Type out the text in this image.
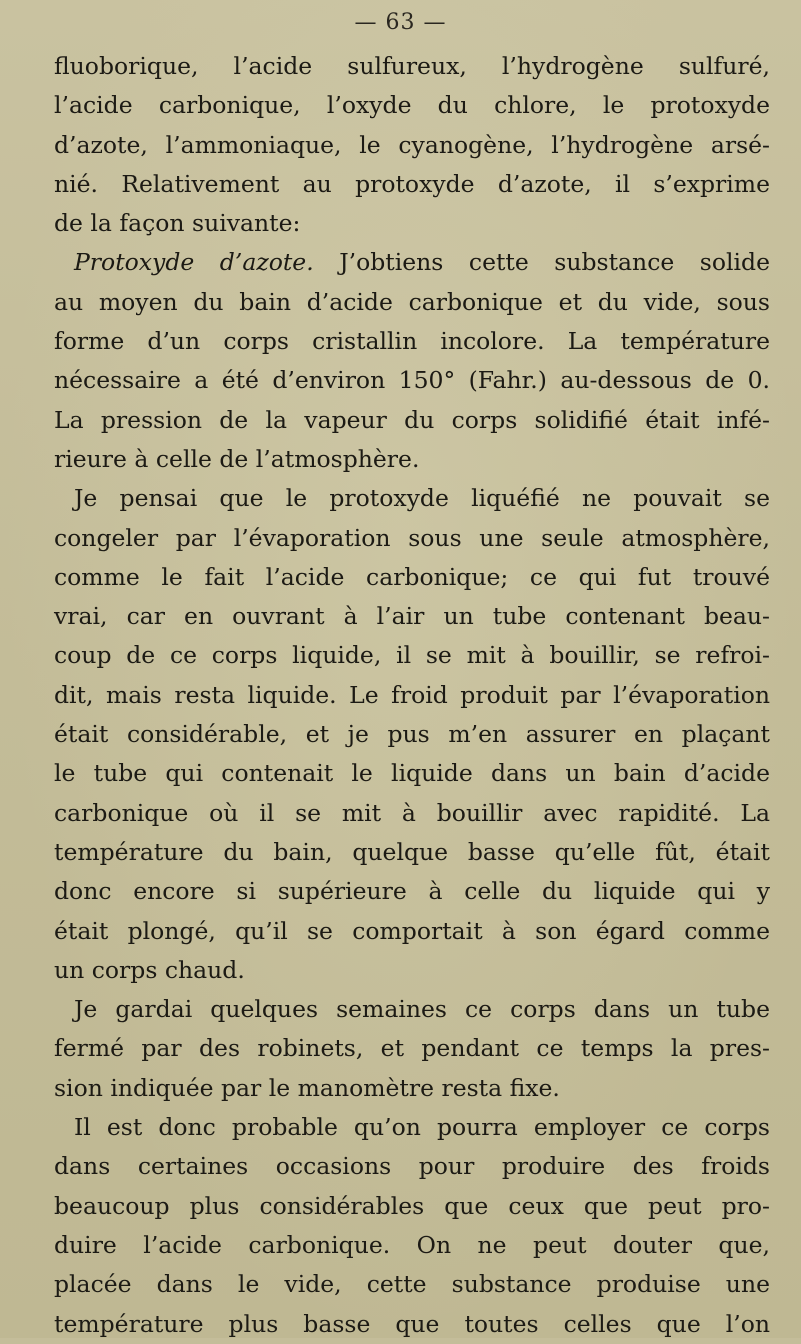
— 63 —
fluoborique, l’acide sulfureux, l’hydrogène sulfuré,
l’acide carbonique, l’oxyde du chlore, le protoxyde
d’azote, l’ammoniaque, le cyanogène, l’hydrogène arsé-
nié. Relativement au protoxyde d’azote, il s’exprime
de la façon suivante:
Protoxyde d’azote. J’obtiens cette substance solide
au moyen du bain d’acide carbonique et du vide, sous
forme d’un corps cristallin incolore. La température
nécessaire a été d’environ 150° (Fahr.) au-dessous de 0.
La pression de la vapeur du corps solidifié était infé-
rieure à celle de l’atmosphère.
Je pensai que le protoxyde liquéfié ne pouvait se
congeler par l’évaporation sous une seule atmosphère,
comme le fait l’acide carbonique; ce qui fut trouvé
vrai, car en ouvrant à l’air un tube contenant beau-
coup de ce corps liquide, il se mit à bouillir, se refroi-
dit, mais resta liquide. Le froid produit par l’évaporation
était considérable, et je pus m’en assurer en plaçant
le tube qui contenait le liquide dans un bain d’acide
carbonique où il se mit à bouillir avec rapidité. La
température du bain, quelque basse qu’elle fût, était
donc encore si supérieure à celle du liquide qui y
était plongé, qu’il se comportait à son égard comme
un corps chaud.
Je gardai quelques semaines ce corps dans un tube
fermé par des robinets, et pendant ce temps la pres-
sion indiquée par le manomètre resta fixe.
Il est donc probable qu’on pourra employer ce corps
dans certaines occasions pour produire des froids
beaucoup plus considérables que ceux que peut pro-
duire l’acide carbonique. On ne peut douter que,
placée dans le vide, cette substance produise une
température plus basse que toutes celles que l’on
